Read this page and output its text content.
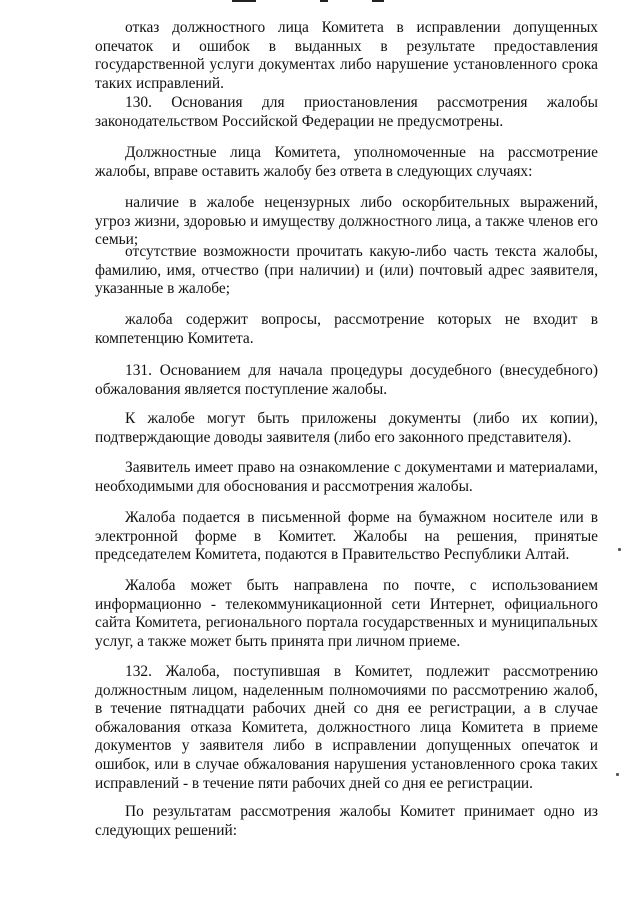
отказ должностного лица Комитета в исправлении допущенных опечаток и ошибок в выданных в результате предоставления государственной услуги документах либо нарушение установленного срока таких исправлений.

130. Основания для приостановления рассмотрения жалобы законодательством Российской Федерации не предусмотрены.

Должностные лица Комитета, уполномоченные на рассмотрение жалобы, вправе оставить жалобу без ответа в следующих случаях:

наличие в жалобе нецензурных либо оскорбительных выражений, угроз жизни, здоровью и имуществу должностного лица, а также членов его семьи;

отсутствие возможности прочитать какую-либо часть текста жалобы, фамилию, имя, отчество (при наличии) и (или) почтовый адрес заявителя, указанные в жалобе;

жалоба содержит вопросы, рассмотрение которых не входит в компетенцию Комитета.

131. Основанием для начала процедуры досудебного (внесудебного) обжалования является поступление жалобы.

К жалобе могут быть приложены документы (либо их копии), подтверждающие доводы заявителя (либо его законного представителя).

Заявитель имеет право на ознакомление с документами и материалами, необходимыми для обоснования и рассмотрения жалобы.

Жалоба подается в письменной форме на бумажном носителе или в электронной форме в Комитет. Жалобы на решения, принятые председателем Комитета, подаются в Правительство Республики Алтай.

Жалоба может быть направлена по почте, с использованием информационно - телекоммуникационной сети Интернет, официального сайта Комитета, регионального портала государственных и муниципальных услуг, а также может быть принята при личном приеме.

132. Жалоба, поступившая в Комитет, подлежит рассмотрению должностным лицом, наделенным полномочиями по рассмотрению жалоб, в течение пятнадцати рабочих дней со дня ее регистрации, а в случае обжалования отказа Комитета, должностного лица Комитета в приеме документов у заявителя либо в исправлении допущенных опечаток и ошибок, или в случае обжалования нарушения установленного срока таких исправлений - в течение пяти рабочих дней со дня ее регистрации.

По результатам рассмотрения жалобы Комитет принимает одно из следующих решений:
